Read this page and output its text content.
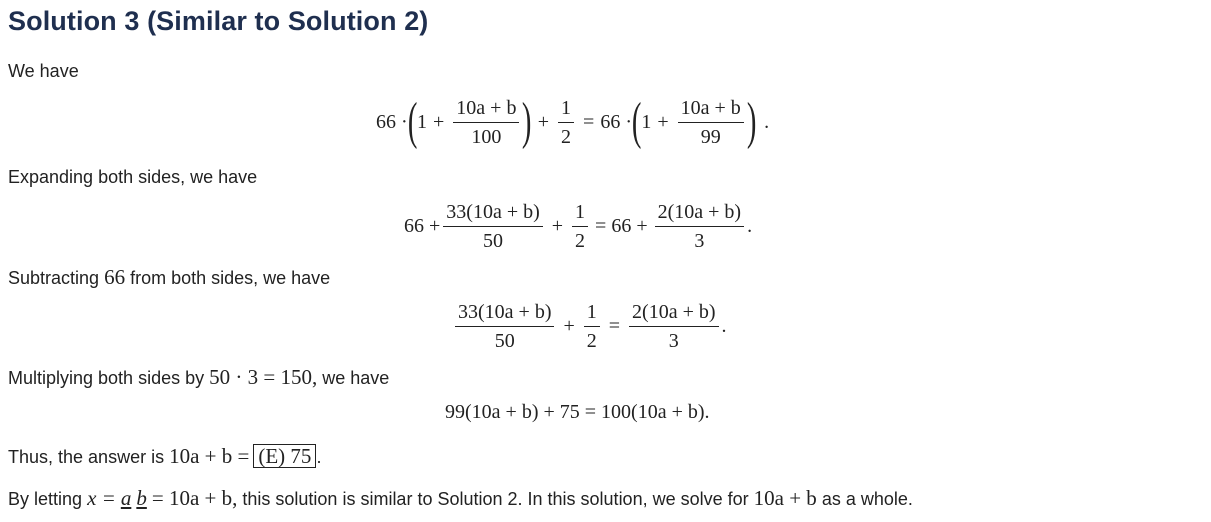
Solution 3 (Similar to Solution 2)
We have
66 · ( $1 + \frac{10a + b}{100}$ ) + $\frac{1}{2} = 66$ · ( $1 + \frac{10a + b}{99}$ ) .
Expanding both sides, we have
$66 + \frac{33(10a + b)}{50} + \frac{1}{2} = 66 + \frac{2(10a + b)}{3}$ .
Subtracting 66 from both sides, we have
$\frac{33(10a + b)}{50} + \frac{1}{2} = \frac{2(10a + b)}{3}$ .
Multiplying both sides by 50 · 3 = 150, we have
99(10a + b) + 75 = 100(10a + b).
Thus, the answer is 10a + b = (E) 75 .
By letting x = a b = 10a + b, this solution is similar to Solution 2. In this solution, we solve for 10a + b as a whole.
